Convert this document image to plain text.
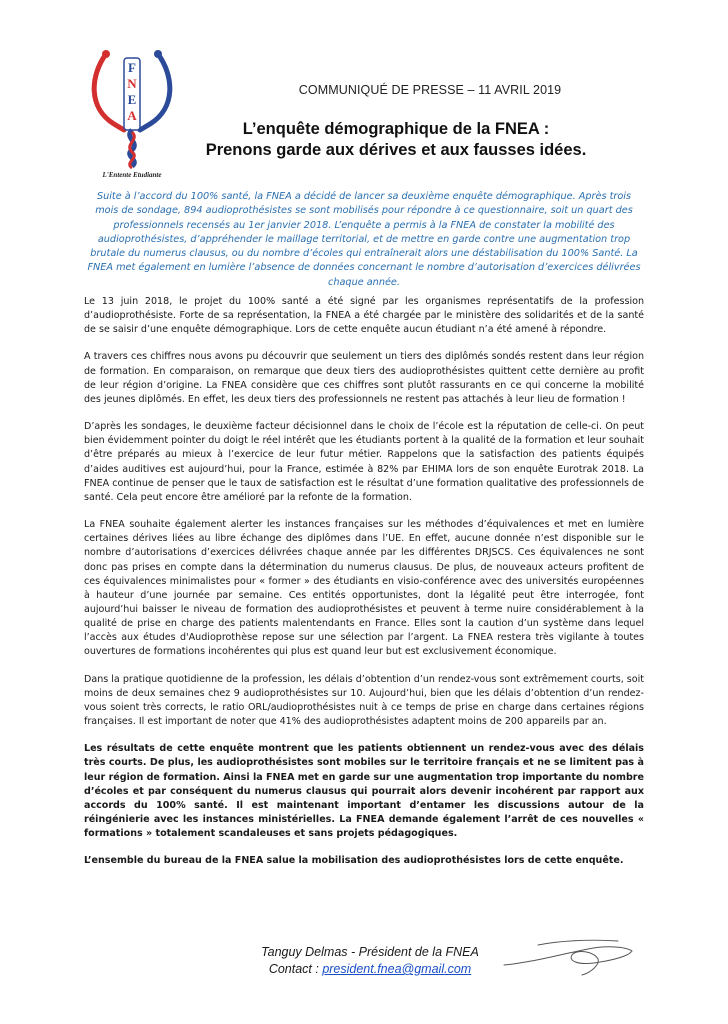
L'Entente Etudiante
F
N
E
A
COMMUNIQUÉ DE PRESSE – 11 AVRIL 2019
L’enquête démographique de la FNEA :
Prenons garde aux dérives et aux fausses idées.
Suite à l’accord du 100% santé, la FNEA a décidé de lancer sa deuxième enquête démographique. Après trois mois de sondage, 894 audioprothésistes se sont mobilisés pour répondre à ce questionnaire, soit un quart des professionnels recensés au 1er janvier 2018. L’enquête a permis à la FNEA de constater la mobilité des audioprothésistes, d’appréhender le maillage territorial, et de mettre en garde contre une augmentation trop brutale du numerus clausus, ou du nombre d’écoles qui entraînerait alors une déstabilisation du 100% Santé. La FNEA met également en lumière l’absence de données concernant le nombre d’autorisation d’exercices délivrées chaque année.

Le 13 juin 2018, le projet du 100% santé a été signé par les organismes représentatifs de la profession d’audioprothésiste. Forte de sa représentation, la FNEA a été chargée par le ministère des solidarités et de la santé de se saisir d’une enquête démographique. Lors de cette enquête aucun étudiant n’a été amené à répondre.

A travers ces chiffres nous avons pu découvrir que seulement un tiers des diplômés sondés restent dans leur région de formation. En comparaison, on remarque que deux tiers des audioprothésistes quittent cette dernière au profit de leur région d’origine. La FNEA considère que ces chiffres sont plutôt rassurants en ce qui concerne la mobilité des jeunes diplômés. En effet, les deux tiers des professionnels ne restent pas attachés à leur lieu de formation !

D’après les sondages, le deuxième facteur décisionnel dans le choix de l’école est la réputation de celle-ci. On peut bien évidemment pointer du doigt le réel intérêt que les étudiants portent à la qualité de la formation et leur souhait d’être préparés au mieux à l’exercice de leur futur métier. Rappelons que la satisfaction des patients équipés d’aides auditives est aujourd’hui, pour la France, estimée à 82% par EHIMA lors de son enquête Eurotrak 2018. La FNEA continue de penser que le taux de satisfaction est le résultat d’une formation qualitative des professionnels de santé. Cela peut encore être amélioré par la refonte de la formation.

La FNEA souhaite également alerter les instances françaises sur les méthodes d’équivalences et met en lumière certaines dérives liées au libre échange des diplômes dans l’UE. En effet, aucune donnée n’est disponible sur le nombre d’autorisations d’exercices délivrées chaque année par les différentes DRJSCS. Ces équivalences ne sont donc pas prises en compte dans la détermination du numerus clausus. De plus, de nouveaux acteurs profitent de ces équivalences minimalistes pour « former » des étudiants en visio-conférence avec des universités européennes à hauteur d’une journée par semaine. Ces entités opportunistes, dont la légalité peut être interrogée, font aujourd’hui baisser le niveau de formation des audioprothésistes et peuvent à terme nuire considérablement à la qualité de prise en charge des patients malentendants en France. Elles sont la caution d’un système dans lequel l’accès aux études d'Audioprothèse repose sur une sélection par l’argent. La FNEA restera très vigilante à toutes ouvertures de formations incohérentes qui plus est quand leur but est exclusivement économique.

Dans la pratique quotidienne de la profession, les délais d’obtention d’un rendez-vous sont extrêmement courts, soit moins de deux semaines chez 9 audioprothésistes sur 10. Aujourd’hui, bien que les délais d’obtention d’un rendez-vous soient très corrects, le ratio ORL/audioprothésistes nuit à ce temps de prise en charge dans certaines régions françaises. Il est important de noter que 41% des audioprothésistes adaptent moins de 200 appareils par an.

Les résultats de cette enquête montrent que les patients obtiennent un rendez-vous avec des délais très courts. De plus, les audioprothésistes sont mobiles sur le territoire français et ne se limitent pas à leur région de formation. Ainsi la FNEA met en garde sur une augmentation trop importante du nombre d’écoles et par conséquent du numerus clausus qui pourrait alors devenir incohérent par rapport aux accords du 100% santé. Il est maintenant important d’entamer les discussions autour de la réingénierie avec les instances ministérielles. La FNEA demande également l’arrêt de ces nouvelles « formations » totalement scandaleuses et sans projets pédagogiques.

L’ensemble du bureau de la FNEA salue la mobilisation des audioprothésistes lors de cette enquête.

Tanguy Delmas - Président de la FNEA
Contact : president.fnea@gmail.com
